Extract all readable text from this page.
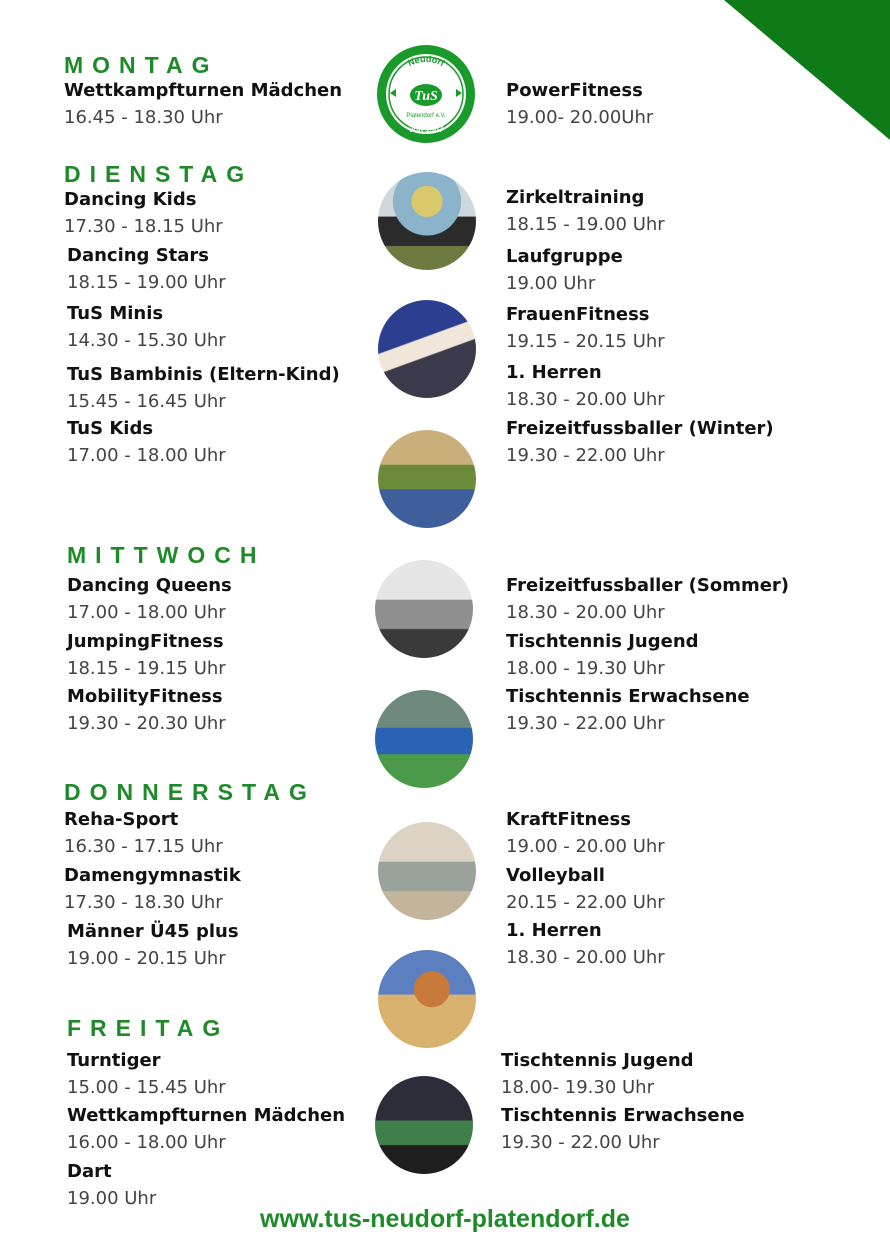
MONTAG
DIENSTAG
MITTWOCH
DONNERSTAG
FREITAG
Neudorf
TuS
Platendorf e.V.
von 1907
Wettkampfturnen Mädchen
16.45 - 18.30 Uhr
PowerFitness
19.00- 20.00Uhr
Dancing Kids
17.30 - 18.15 Uhr
Dancing Stars
18.15 - 19.00 Uhr
TuS Minis
14.30 - 15.30 Uhr
TuS Bambinis (Eltern-Kind)
15.45 - 16.45 Uhr
TuS Kids
17.00 - 18.00 Uhr
Zirkeltraining
18.15 - 19.00 Uhr
Laufgruppe
19.00 Uhr
FrauenFitness
19.15 - 20.15 Uhr
1. Herren
18.30 - 20.00 Uhr
Freizeitfussballer (Winter)
19.30 - 22.00 Uhr
Dancing Queens
17.00 - 18.00 Uhr
JumpingFitness
18.15 - 19.15 Uhr
MobilityFitness
19.30 - 20.30 Uhr
Freizeitfussballer (Sommer)
18.30 - 20.00 Uhr
Tischtennis Jugend
18.00 - 19.30 Uhr
Tischtennis Erwachsene
19.30 - 22.00 Uhr
Reha-Sport
16.30 - 17.15 Uhr
Damengymnastik
17.30 - 18.30 Uhr
Männer Ü45 plus
19.00 - 20.15 Uhr
KraftFitness
19.00 - 20.00 Uhr
Volleyball
20.15 - 22.00 Uhr
1. Herren
18.30 - 20.00 Uhr
Turntiger
15.00 - 15.45 Uhr
Wettkampfturnen Mädchen
16.00 - 18.00 Uhr
Dart
19.00 Uhr
Tischtennis Jugend
18.00- 19.30 Uhr
Tischtennis Erwachsene
19.30 - 22.00 Uhr
www.tus-neudorf-platendorf.de
